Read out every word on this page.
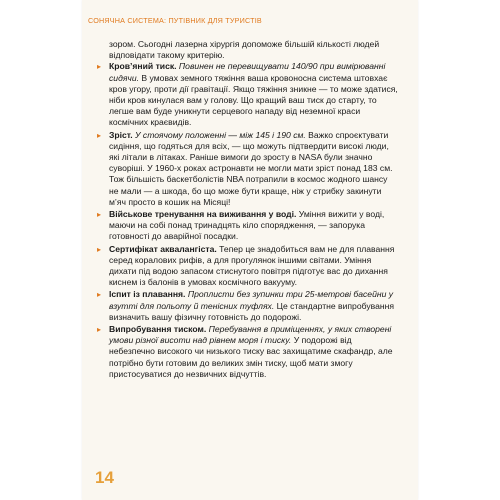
СОНЯЧНА СИСТЕМА: ПУТІВНИК ДЛЯ ТУРИСТІВ

зором. Сьогодні лазерна хірургія допоможе більшій кількості людей відповідати такому критерію.

▸ Кров’яний тиск. Повинен не перевищувати 140/90 при вимірюванні сидячи. В умовах земного тяжіння ваша кровоносна система штовхає кров угору, проти дії гравітації. Якщо тяжіння зникне — то може здатися, ніби кров кинулася вам у голову. Що кращий ваш тиск до старту, то легше вам буде уникнути серцевого нападу від неземної краси космічних краєвидів.
▸ Зріст. У стоячому положенні — між 145 і 190 см. Важко спроєктувати сидіння, що годяться для всіх, — що можуть підтвердити високі люди, які літали в літаках. Раніше вимоги до зросту в NASA були значно суворіші. У 1960-х роках астронавти не могли мати зріст понад 183 см. Тож більшість баскетболістів NBA потрапили в космос жодного шансу не мали — а шкода, бо що може бути краще, ніж у стрибку закинути м’яч просто в кошик на Місяці!
▸ Військове тренування на виживання у воді. Уміння вижити у воді, маючи на собі понад тринадцять кіло спорядження, — запорука готовності до аварійної посадки.
▸ Сертифікат аквалангіста. Тепер це знадобиться вам не для плавання серед коралових рифів, а для прогулянок іншими світами. Уміння дихати під водою запасом стиснутого повітря підготує вас до дихання киснем із балонів в умовах космічного вакууму.
▸ Іспит із плавання. Проплисти без зупинки три 25-метрові басейни у взутті для польоту й тенісних туфлях. Це стандартне випробування визначить вашу фізичну готовність до подорожі.
▸ Випробування тиском. Перебування в приміщеннях, у яких створені умови різної висоти над рівнем моря і тиску. У подорожі від небезпечно високого чи низького тиску вас захищатиме скафандр, але потрібно бути готовим до великих змін тиску, щоб мати змогу пристосуватися до незвичних відчуттів.
14
